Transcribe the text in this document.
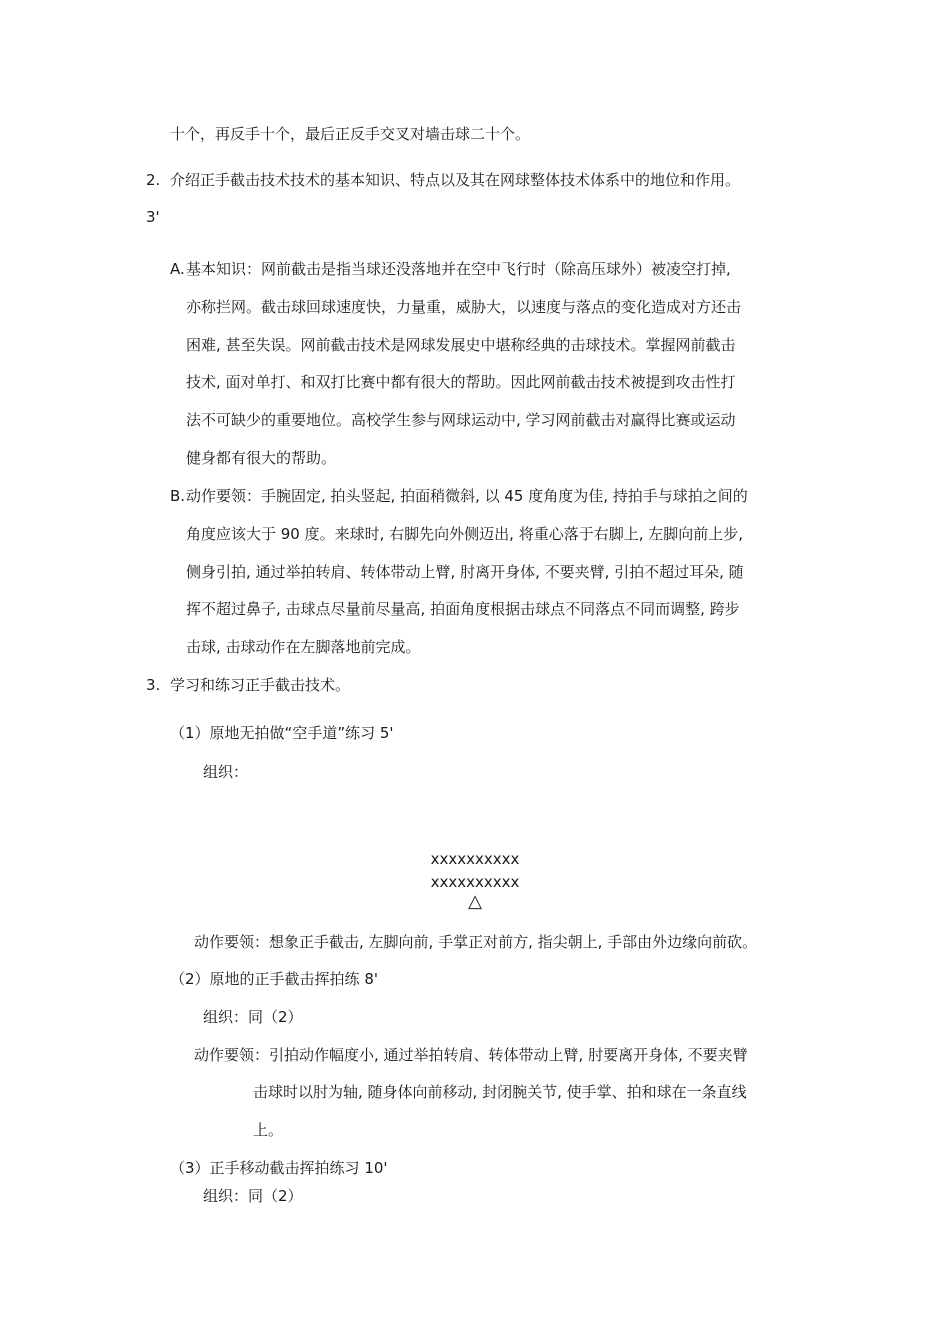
十个，再反手十个，最后正反手交叉对墙击球二十个。
2. 介绍正手截击技术技术的基本知识、特点以及其在网球整体技术体系中的地位和作用。
3'
A. 基本知识：网前截击是指当球还没落地并在空中飞行时（除高压球外）被凌空打掉,
亦称拦网。截击球回球速度快，力量重，威胁大，以速度与落点的变化造成对方还击
困难, 甚至失误。网前截击技术是网球发展史中堪称经典的击球技术。掌握网前截击
技术, 面对单打、和双打比赛中都有很大的帮助。因此网前截击技术被提到攻击性打
法不可缺少的重要地位。高校学生参与网球运动中, 学习网前截击对赢得比赛或运动
健身都有很大的帮助。
B. 动作要领：手腕固定, 拍头竖起, 拍面稍微斜, 以 45 度角度为佳, 持拍手与球拍之间的
角度应该大于 90 度。来球时, 右脚先向外侧迈出, 将重心落于右脚上, 左脚向前上步,
侧身引拍, 通过举拍转肩、转体带动上臂, 肘离开身体, 不要夹臂, 引拍不超过耳朵, 随
挥不超过鼻子, 击球点尽量前尽量高, 拍面角度根据击球点不同落点不同而调整, 跨步
击球, 击球动作在左脚落地前完成。
3. 学习和练习正手截击技术。
（1）原地无拍做“空手道”练习 5'
组织：
xxxxxxxxxx
xxxxxxxxxx
△
动作要领：想象正手截击, 左脚向前, 手掌正对前方, 指尖朝上, 手部由外边缘向前砍。
（2）原地的正手截击挥拍练 8'
组织：同（2）
动作要领：引拍动作幅度小, 通过举拍转肩、转体带动上臂, 肘要离开身体, 不要夹臂
击球时以肘为轴, 随身体向前移动, 封闭腕关节, 使手掌、拍和球在一条直线
上。
（3）正手移动截击挥拍练习 10'
组织：同（2）
